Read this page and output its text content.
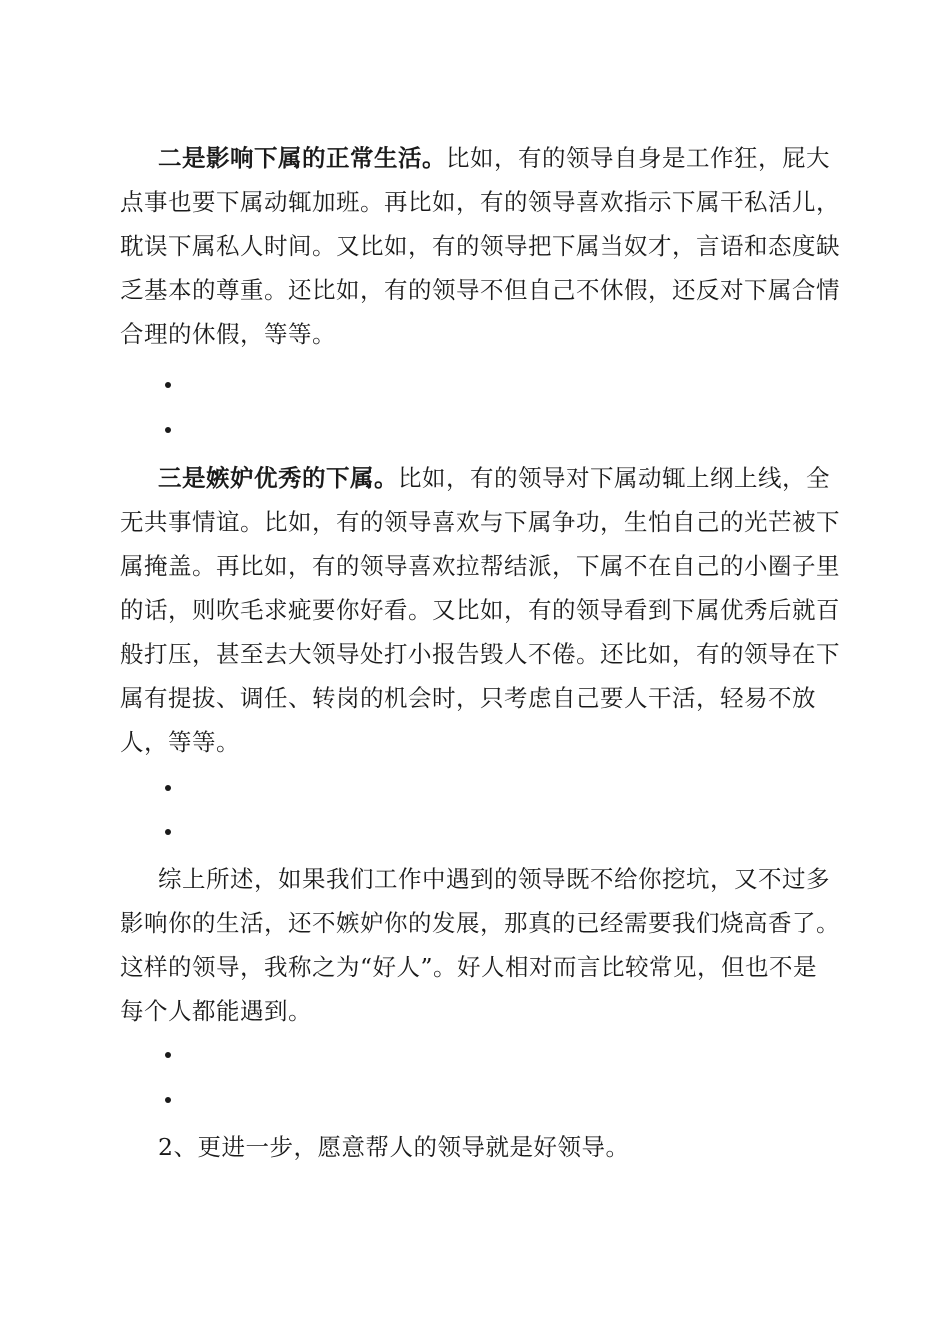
二是影响下属的正常生活。比如，有的领导自身是工作狂，屁大点事也要下属动辄加班。再比如，有的领导喜欢指示下属干私活儿，耽误下属私人时间。又比如，有的领导把下属当奴才，言语和态度缺乏基本的尊重。还比如，有的领导不但自己不休假，还反对下属合情合理的休假，等等。

三是嫉妒优秀的下属。比如，有的领导对下属动辄上纲上线，全无共事情谊。比如，有的领导喜欢与下属争功，生怕自己的光芒被下属掩盖。再比如，有的领导喜欢拉帮结派，下属不在自己的小圈子里的话，则吹毛求疵要你好看。又比如，有的领导看到下属优秀后就百般打压，甚至去大领导处打小报告毁人不倦。还比如，有的领导在下属有提拔、调任、转岗的机会时，只考虑自己要人干活，轻易不放人，等等。

综上所述，如果我们工作中遇到的领导既不给你挖坑，又不过多影响你的生活，还不嫉妒你的发展，那真的已经需要我们烧高香了。这样的领导，我称之为“好人”。好人相对而言比较常见，但也不是每个人都能遇到。

2、更进一步，愿意帮人的领导就是好领导。
